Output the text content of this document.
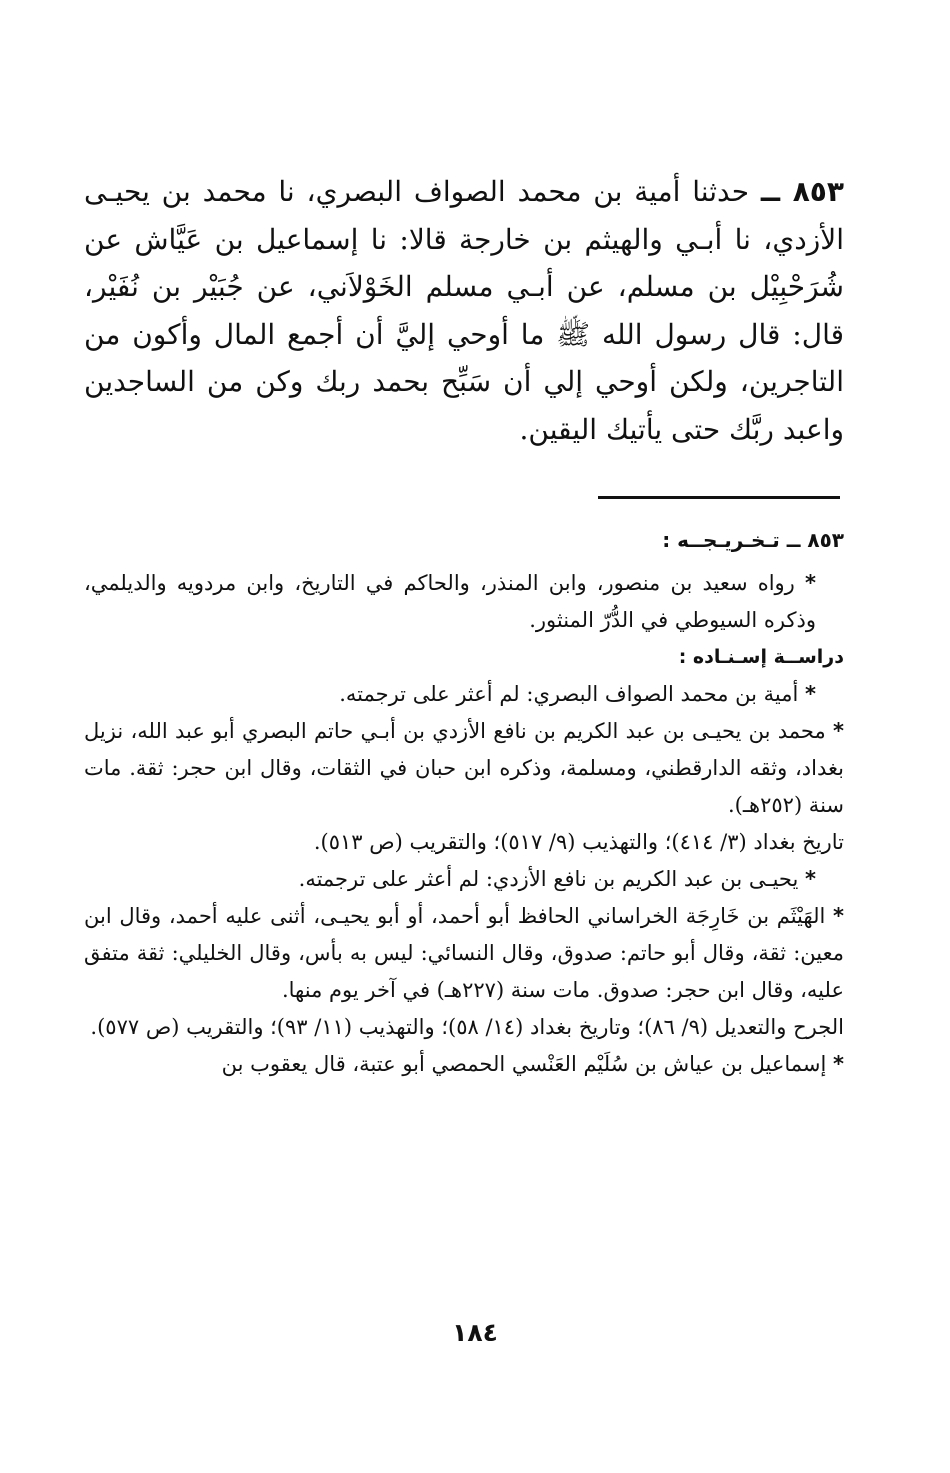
٨٥٣ ــ حدثنا أمية بن محمد الصواف البصري، نا محمد بن يحيـى الأزدي، نا أبـي والهيثم بن خارجة قالا: نا إسماعيل بن عَيَّاش عن شُرَحْبِيْل بن مسلم، عن أبـي مسلم الخَوْلاَني، عن جُبَيْر بن نُفَيْر، قال: قال رسول الله ﷺ ما أوحي إليَّ أن أجمع المال وأكون من التاجرين، ولكن أوحي إلي أن سَبِّح بحمد ربك وكن من الساجدين واعبد ربَّك حتى يأتيك اليقين.

٨٥٣ ــ تـخـريـجــه :

* رواه سعيد بن منصور، وابن المنذر، والحاكم في التاريخ، وابن مردويه والديلمي، وذكره السيوطي في الدُّرّ المنثور.

دراســة إسـنـاده :

* أمية بن محمد الصواف البصري: لم أعثر على ترجمته.

* محمد بن يحيـى بن عبد الكريم بن نافع الأزدي بن أبـي حاتم البصري أبو عبد الله، نزيل بغداد، وثقه الدارقطني، ومسلمة، وذكره ابن حبان في الثقات، وقال ابن حجر: ثقة. مات سنة (٢٥٢هـ).

تاريخ بغداد (٣/ ٤١٤)؛ والتهذيب (٩/ ٥١٧)؛ والتقريب (ص ٥١٣).

* يحيـى بن عبد الكريم بن نافع الأزدي: لم أعثر على ترجمته.

* الهَيْثَم بن خَارِجَة الخراساني الحافظ أبو أحمد، أو أبو يحيـى، أثنى عليه أحمد، وقال ابن معين: ثقة، وقال أبو حاتم: صدوق، وقال النسائي: ليس به بأس، وقال الخليلي: ثقة متفق عليه، وقال ابن حجر: صدوق. مات سنة (٢٢٧هـ) في آخر يوم منها.

الجرح والتعديل (٩/ ٨٦)؛ وتاريخ بغداد (١٤/ ٥٨)؛ والتهذيب (١١/ ٩٣)؛ والتقريب (ص ٥٧٧).

* إسماعيل بن عياش بن سُلَيْم العَنْسي الحمصي أبو عتبة، قال يعقوب بن

١٨٤
